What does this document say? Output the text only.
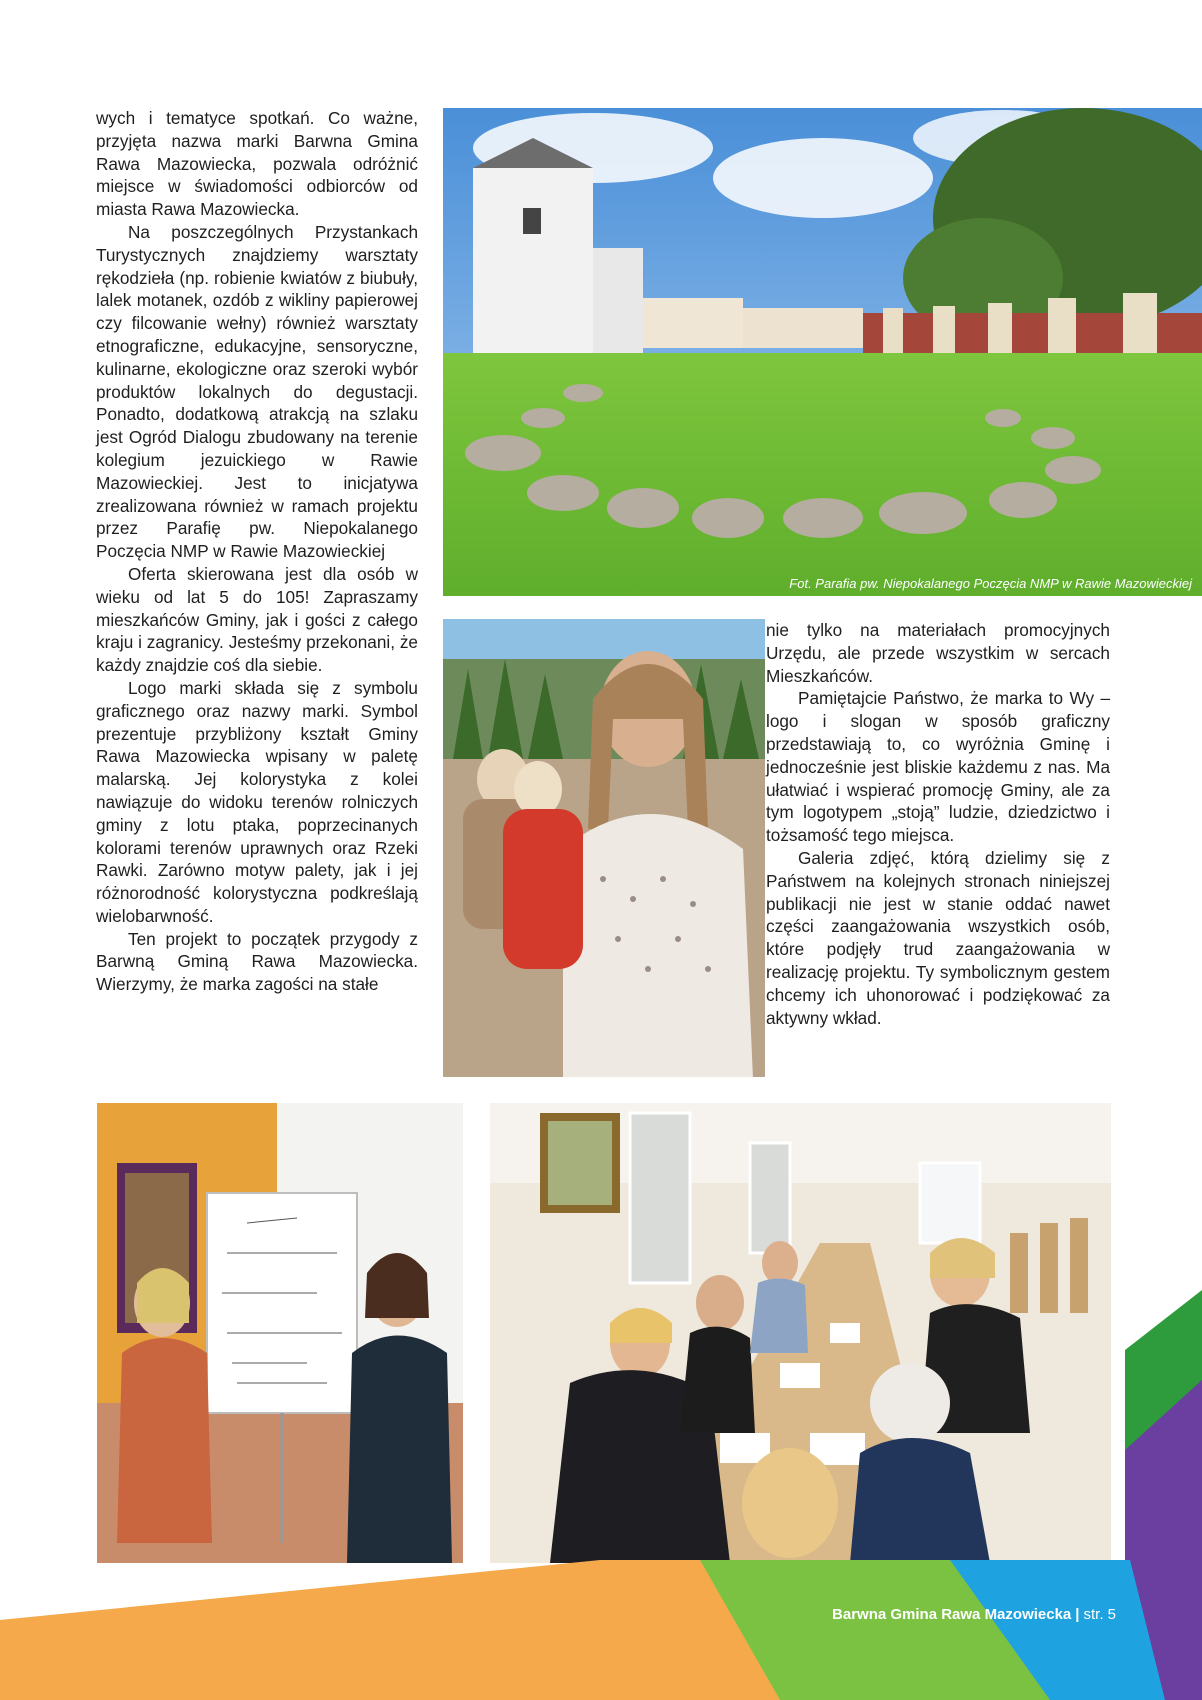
wych i tematyce spotkań. Co ważne, przyjęta nazwa marki Barwna Gmina Rawa Mazowiecka, pozwala odróżnić miejsce w świadomości odbiorców od miasta Rawa Mazowiecka.

Na poszczególnych Przystankach Turystycznych znajdziemy warsztaty rękodzieła (np. robienie kwiatów z biubuły, lalek motanek, ozdób z wikliny papierowej czy filcowanie wełny) również warsztaty etnograficzne, edukacyjne, sensoryczne, kulinarne, ekologiczne oraz szeroki wybór produktów lokalnych do degustacji. Ponadto, dodatkową atrakcją na szlaku jest Ogród Dialogu zbudowany na terenie kolegium jezuickiego w Rawie Mazowieckiej. Jest to inicjatywa zrealizowana również w ramach projektu przez Parafię pw. Niepokalanego Poczęcia NMP w Rawie Mazowieckiej

Oferta skierowana jest dla osób w wieku od lat 5 do 105! Zapraszamy mieszkańców Gminy, jak i gości z całego kraju i zagranicy. Jesteśmy przekonani, że każdy znajdzie coś dla siebie.

Logo marki składa się z symbolu graficznego oraz nazwy marki. Symbol prezentuje przybliżony kształt Gminy Rawa Mazowiecka wpisany w paletę malarską. Jej kolorystyka z kolei nawiązuje do widoku terenów rolniczych gminy z lotu ptaka, poprzecinanych kolorami terenów uprawnych oraz Rzeki Rawki. Zarówno motyw palety, jak i jej różnorodność kolorystyczna podkreślają wielobarwność.

Ten projekt to początek przygody z Barwną Gminą Rawa Mazowiecka. Wierzymy, że marka zagości na stałe

nie tylko na materiałach promocyjnych Urzędu, ale przede wszystkim w sercach Mieszkańców.

Pamiętajcie Państwo, że marka to Wy – logo i slogan w sposób graficzny przedstawiają to, co wyróżnia Gminę i jednocześnie jest bliskie każdemu z nas. Ma ułatwiać i wspierać promocję Gminy, ale za tym logotypem „stoją” ludzie, dziedzictwo i tożsamość tego miejsca.

Galeria zdjęć, którą dzielimy się z Państwem na kolejnych stronach niniejszej publikacji nie jest w stanie oddać nawet części zaangażowania wszystkich osób, które podjęły trud zaangażowania w realizację projektu. Ty symbolicznym gestem chcemy ich uhonorować i podziękować za aktywny wkład.

Fot. Parafia pw. Niepokalanego Poczęcia NMP w Rawie Mazowieckiej
Barwna Gmina Rawa Mazowiecka | str. 5
